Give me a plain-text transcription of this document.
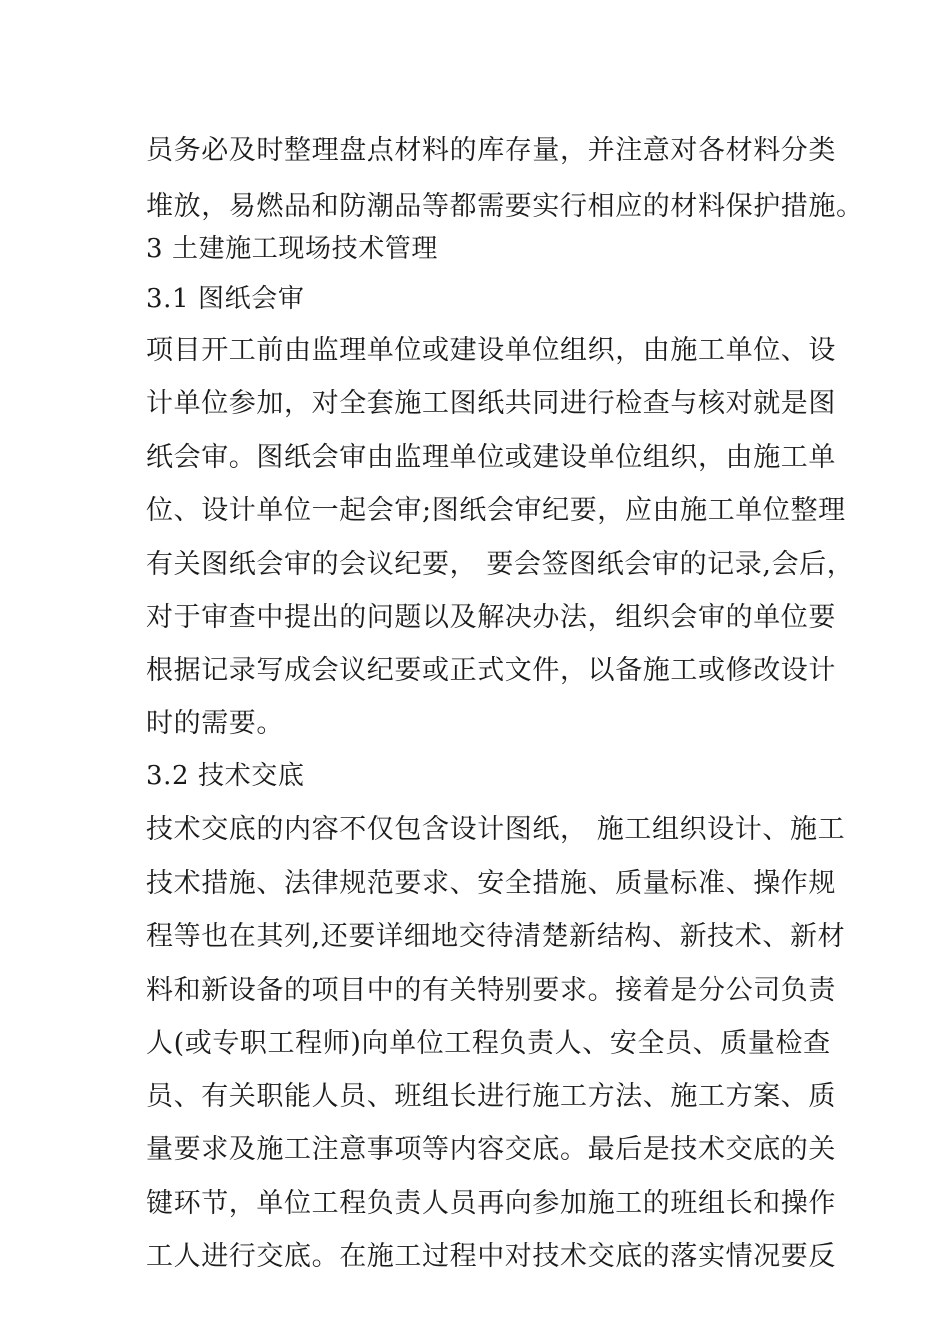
员务必及时整理盘点材料的库存量，并注意对各材料分类
堆放，易燃品和防潮品等都需要实行相应的材料保护措施。
3 土建施工现场技术管理
3.1 图纸会审
项目开工前由监理单位或建设单位组织，由施工单位、设
计单位参加，对全套施工图纸共同进行检查与核对就是图
纸会审。图纸会审由监理单位或建设单位组织，由施工单
位、设计单位一起会审;图纸会审纪要，应由施工单位整理
有关图纸会审的会议纪要， 要会签图纸会审的记录,会后，
对于审查中提出的问题以及解决办法，组织会审的单位要
根据记录写成会议纪要或正式文件，以备施工或修改设计
时的需要。
3.2 技术交底
技术交底的内容不仅包含设计图纸， 施工组织设计、施工
技术措施、法律规范要求、安全措施、质量标准、操作规
程等也在其列,还要详细地交待清楚新结构、新技术、新材
料和新设备的项目中的有关特别要求。接着是分公司负责
人(或专职工程师)向单位工程负责人、安全员、质量检查
员、有关职能人员、班组长进行施工方法、施工方案、质
量要求及施工注意事项等内容交底。最后是技术交底的关
键环节，单位工程负责人员再向参加施工的班组长和操作
工人进行交底。在施工过程中对技术交底的落实情况要反
